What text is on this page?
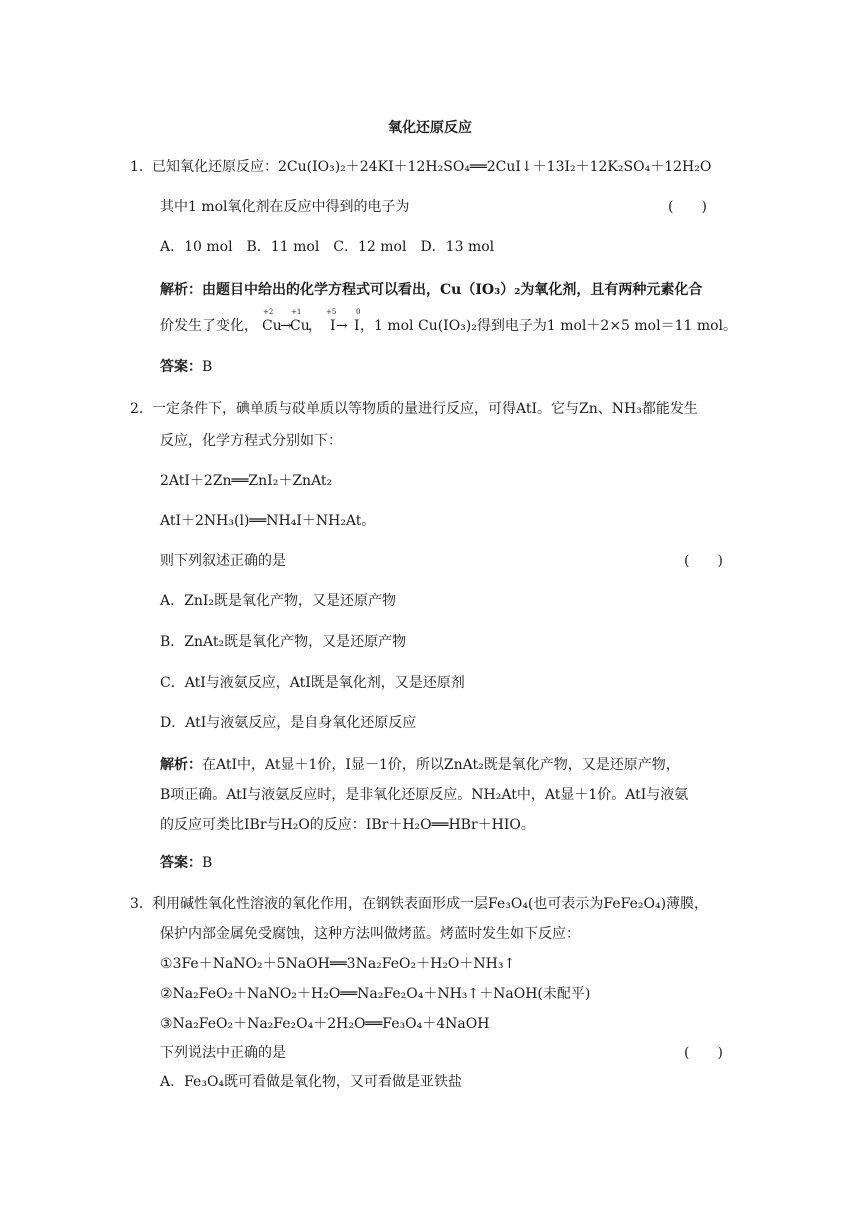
氧化还原反应
1． 已知氧化还原反应：2Cu(IO₃)₂＋24KI＋12H₂SO₄══2CuI↓＋13I₂＋12K₂SO₄＋12H₂O
其中1 mol氧化剂在反应中得到的电子为	(　　)
A．10 mol　B．11 mol　C．12 mol　D．13 mol
解析：由题目中给出的化学方程式可以看出，Cu（IO₃）₂为氧化剂，且有两种元素化合
价发生了变化，
+2
Cu
→
+1
Cu
，
+5
I →
0
I ，1 mol Cu(IO₃)₂得到电子为1 mol＋2×5 mol＝11 mol。
答案：B
2． 一定条件下，碘单质与砹单质以等物质的量进行反应，可得AtI。它与Zn、NH₃都能发生
反应，化学方程式分别如下：
2AtI＋2Zn══ZnI₂＋ZnAt₂
AtI＋2NH₃(l)══NH₄I＋NH₂At。
则下列叙述正确的是	(　　)
A．ZnI₂既是氧化产物，又是还原产物
B．ZnAt₂既是氧化产物，又是还原产物
C．AtI与液氨反应，AtI既是氧化剂，又是还原剂
D．AtI与液氨反应，是自身氧化还原反应
解析：在AtI中，At显＋1价，I显－1价，所以ZnAt₂既是氧化产物，又是还原产物，
B项正确。AtI与液氨反应时，是非氧化还原反应。NH₂At中，At显＋1价。AtI与液氨
的反应可类比IBr与H₂O的反应：IBr＋H₂O══HBr＋HIO。
答案：B
3． 利用碱性氧化性溶液的氧化作用，在钢铁表面形成一层Fe₃O₄(也可表示为FeFe₂O₄)薄膜，
保护内部金属免受腐蚀，这种方法叫做烤蓝。烤蓝时发生如下反应：
①3Fe＋NaNO₂＋5NaOH══3Na₂FeO₂＋H₂O＋NH₃↑
②Na₂FeO₂＋NaNO₂＋H₂O══Na₂Fe₂O₄＋NH₃↑＋NaOH(未配平)
③Na₂FeO₂＋Na₂Fe₂O₄＋2H₂O══Fe₃O₄＋4NaOH
下列说法中正确的是	(　　)
A．Fe₃O₄既可看做是氧化物，又可看做是亚铁盐
